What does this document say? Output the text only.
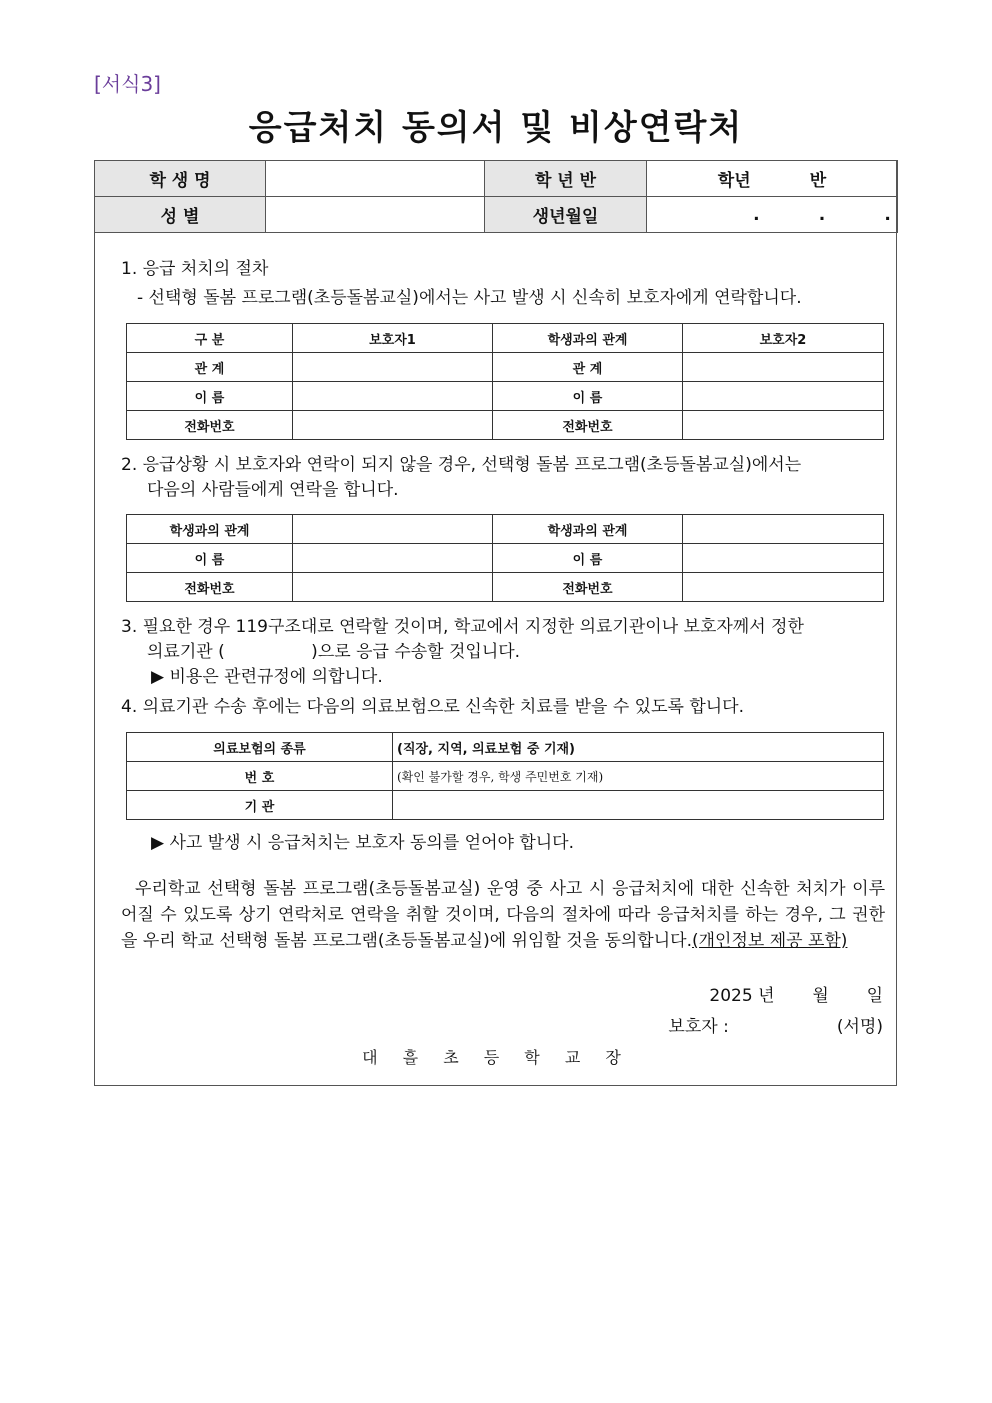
[서식3]
응급처치 동의서 및 비상연락처
학 생 명		학 년 반	학년          반
성 별		생년월일	.          .          .
1. 응급 처치의 절차
- 선택형 돌봄 프로그램(초등돌봄교실)에서는 사고 발생 시 신속히 보호자에게 연락합니다.
구 분	보호자1	학생과의 관계	보호자2
관 계		관 계	
이 름		이 름	
전화번호		전화번호	
2. 응급상황 시 보호자와 연락이 되지 않을 경우, 선택형 돌봄 프로그램(초등돌봄교실)에서는
다음의 사람들에게 연락을 합니다.
학생과의 관계		학생과의 관계	
이 름		이 름	
전화번호		전화번호	
3. 필요한 경우 119구조대로 연락할 것이며, 학교에서 지정한 의료기관이나 보호자께서 정한
의료기관 (                )으로 응급 수송할 것입니다.
▶ 비용은 관련규정에 의합니다.
4. 의료기관 수송 후에는 다음의 의료보험으로 신속한 치료를 받을 수 있도록 합니다.
의료보험의 종류	(직장, 지역, 의료보험 중 기재)
번 호	(확인 불가할 경우, 학생 주민번호 기재)
기 관	
▶ 사고 발생 시 응급처치는 보호자 동의를 얻어야 합니다.
우리학교 선택형 돌봄 프로그램(초등돌봄교실) 운영 중 사고 시 응급처치에 대한 신속한 처치가 이루어질 수 있도록 상기 연락처로 연락을 취할 것이며, 다음의 절차에 따라 응급처치를 하는 경우, 그 권한을 우리 학교 선택형 돌봄 프로그램(초등돌봄교실)에 위임할 것을 동의합니다.(개인정보 제공 포함)
2025 년       월       일
보호자 :                    (서명)
대 흘 초 등 학 교 장
